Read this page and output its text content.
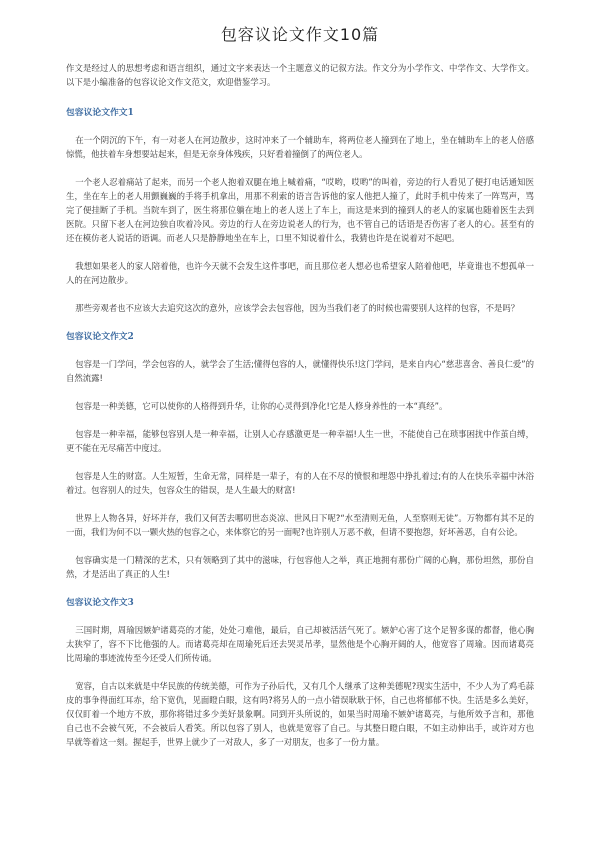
包容议论文作文10篇

作文是经过人的思想考虑和语言组织，通过文字来表达一个主题意义的记叙方法。作文分为小学作文、中学作文、大学作文。以下是小编准备的包容议论文作文范文，欢迎借鉴学习。

包容议论文作文1

在一个阴沉的下午，有一对老人在河边散步，这时冲来了一个辅助车，将两位老人撞到在了地上，坐在辅助车上的老人倍感惊慌，他扶着车身想要站起来，但是无奈身体残疾，只好看着撞倒了的两位老人。

一个老人忍着痛站了起来，而另一个老人抱着双腿在地上喊着痛，“哎哟，哎哟”的叫着，旁边的行人看见了便打电话通知医生，坐在车上的老人用颤巍巍的手将手机拿出，用那不利索的语言告诉他的家人他把人撞了，此时手机中传来了一阵骂声，骂完了便挂断了手机。当院车到了，医生将那位躺在地上的老人送上了车上，而这是来到的撞到人的老人的家属也随着医生去到医院。只留下老人在河边独自吹着冷风。旁边的行人在旁边说老人的行为，也不管自己的话语是否伤害了老人的心。甚至有的还在模仿老人说话的语调。而老人只是静静地坐在车上，口里不知说着什么，我猜也许是在说着对不起吧。

我想如果老人的家人陪着他，也许今天就不会发生这件事吧，而且那位老人想必也希望家人陪着他吧，毕竟谁也不想孤单一人的在河边散步。

那些旁观者也不应该大去追究这次的意外，应该学会去包容他，因为当我们老了的时候也需要别人这样的包容，不是吗？

包容议论文作文2

包容是一门学问，学会包容的人，就学会了生活;懂得包容的人，就懂得快乐!这门学问，是来自内心“慈悲喜舍、善良仁爱”的自然流露!

包容是一种美德，它可以使你的人格得到升华，让你的心灵得到净化!它是人修身养性的一本“真经”。

包容是一种幸福，能够包容别人是一种幸福，让别人心存感激更是一种幸福!人生一世，不能使自己在琐事困扰中作茧自缚，更不能在无尽痛苦中度过。

包容是人生的财富。人生短暂，生命无常，同样是一辈子，有的人在不尽的愤恨和埋怨中挣扎着过;有的人在快乐幸福中沐浴着过。包容别人的过失，包容众生的错误，是人生最大的财富!

世界上人物各异，好坏并存，我们又何苦去哪叨世态炎凉、世风日下呢?“水至清则无鱼，人至察则无徒”。万物都有其不足的一面，我们为何不以一颗火热的包容之心，来体察它的另一面呢?也许别人万恶不赦，但请不要抱怨，好坏善恶，自有公论。

包容确实是一门精深的艺术，只有领略到了其中的滋味，行包容他人之举，真正地拥有那份广阔的心胸，那份坦然，那份自然，才是活出了真正的人生!

包容议论文作文3

三国时期，周瑜因嫉妒诸葛亮的才能，处处刁难他，最后，自己却被活活气死了。嫉妒心害了这个足智多谋的都督，他心胸太狭窄了，容不下比他强的人。而诸葛亮却在周瑜死后还去哭灵吊孝，显然他是个心胸开阔的人，他宽容了周瑜。因而诸葛亮比周瑜的事迹流传至今还受人们所传诵。

宽容，自古以来就是中华民族的传统美德，可作为子孙后代，又有几个人继承了这种美德呢?现实生活中，不少人为了鸡毛蒜皮的事争得面红耳赤，给下宽仇，见面瞪白眼，这有吗?将另人的一点小错误耿耿于怀，自己也将郁郁不快。生活是多么美好，仅仅盯着一个地方不放，那你将错过多少美好景象啊。同到开头所说的，如果当时周瑜不嫉妒诸葛亮，与他所效予言和，那他自己也不会被气死，不会被后人看笑。所以包容了别人，也就是宽容了自己。与其整日瞪白眼，不如主动伸出手，或许对方也早就等着这一刻。握起手，世界上就少了一对敌人，多了一对朋友，也多了一份力量。
